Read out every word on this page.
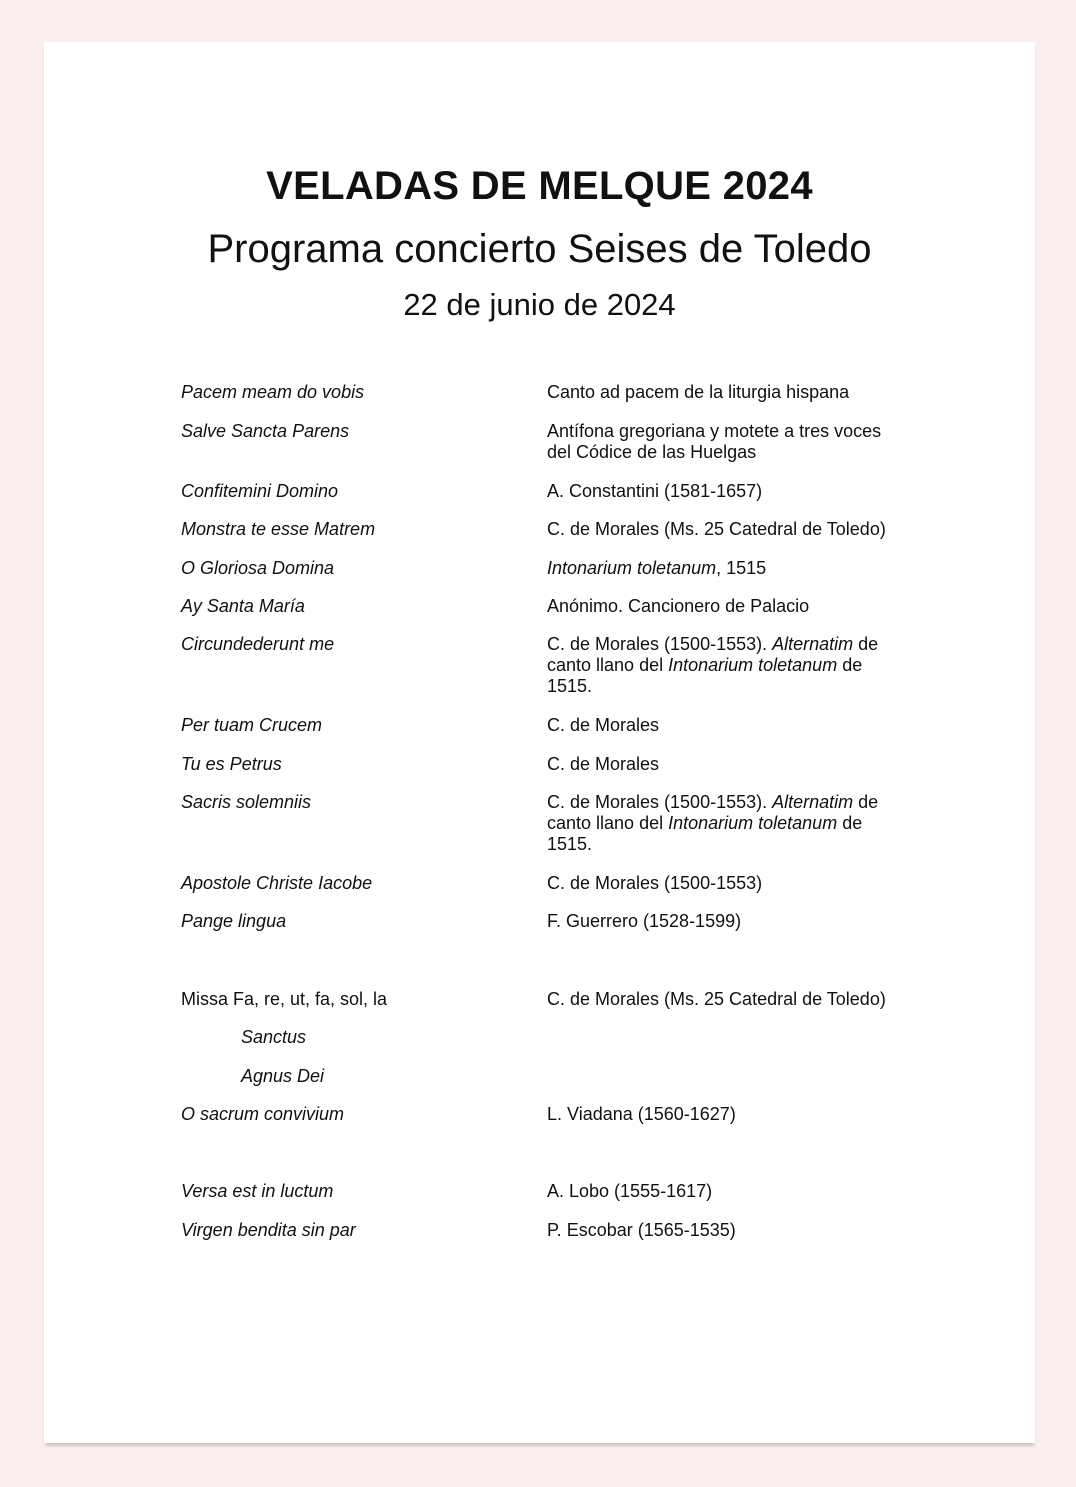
VELADAS DE MELQUE 2024
Programa concierto Seises de Toledo
22 de junio de 2024
Pacem meam do vobis	Canto ad pacem de la liturgia hispana
Salve Sancta Parens	Antífona gregoriana y motete a tres voces
del Códice de las Huelgas
Confitemini Domino	A. Constantini (1581-1657)
Monstra te esse Matrem	C. de Morales (Ms. 25 Catedral de Toledo)
O Gloriosa Domina	Intonarium toletanum, 1515
Ay Santa María	Anónimo. Cancionero de Palacio
Circundederunt me	C. de Morales (1500-1553). Alternatim de
canto llano del Intonarium toletanum de
1515.
Per tuam Crucem	C. de Morales
Tu es Petrus	C. de Morales
Sacris solemniis	C. de Morales (1500-1553). Alternatim de
canto llano del Intonarium toletanum de
1515.
Apostole Christe Iacobe	C. de Morales (1500-1553)
Pange lingua	F. Guerrero (1528-1599)
Missa Fa, re, ut, fa, sol, la	C. de Morales (Ms. 25 Catedral de Toledo)
Sanctus
Agnus Dei
O sacrum convivium	L. Viadana (1560-1627)
Versa est in luctum	A. Lobo (1555-1617)
Virgen bendita sin par	P. Escobar (1565-1535)
